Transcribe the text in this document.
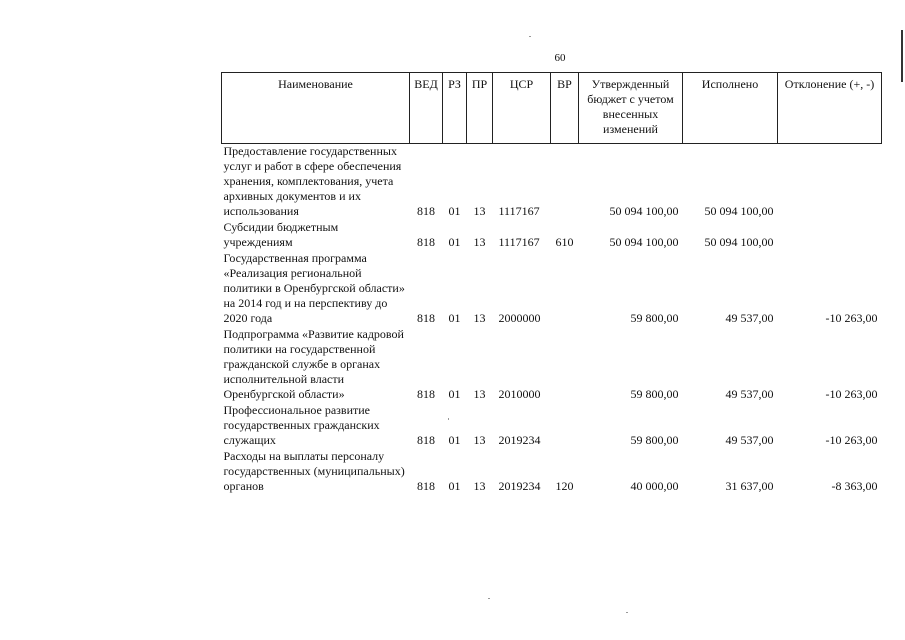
60
Наименование	ВЕД	РЗ	ПР	ЦСР	ВР	Утвержденный бюджет с учетом внесенных изменений	Исполнено	Отклонение (+, -)
Предоставление государственных услуг и работ в сфере обеспечения хранения, комплектования, учета архивных документов и их использования	818	01	13	1117167		50 094 100,00	50 094 100,00	
Субсидии бюджетным учреждениям	818	01	13	1117167	610	50 094 100,00	50 094 100,00	
Государственная программа «Реализация региональной политики в Оренбургской области» на 2014 год и на перспективу до 2020 года	818	01	13	2000000		59 800,00	49 537,00	-10 263,00
Подпрограмма «Развитие кадровой политики на государственной гражданской службе в органах исполнительной власти Оренбургской области»	818	01	13	2010000		59 800,00	49 537,00	-10 263,00
Профессиональное развитие государственных гражданских служащих	818	01	13	2019234		59 800,00	49 537,00	-10 263,00
Расходы на выплаты персоналу государственных (муниципальных) органов	818	01	13	2019234	120	40 000,00	31 637,00	-8 363,00
